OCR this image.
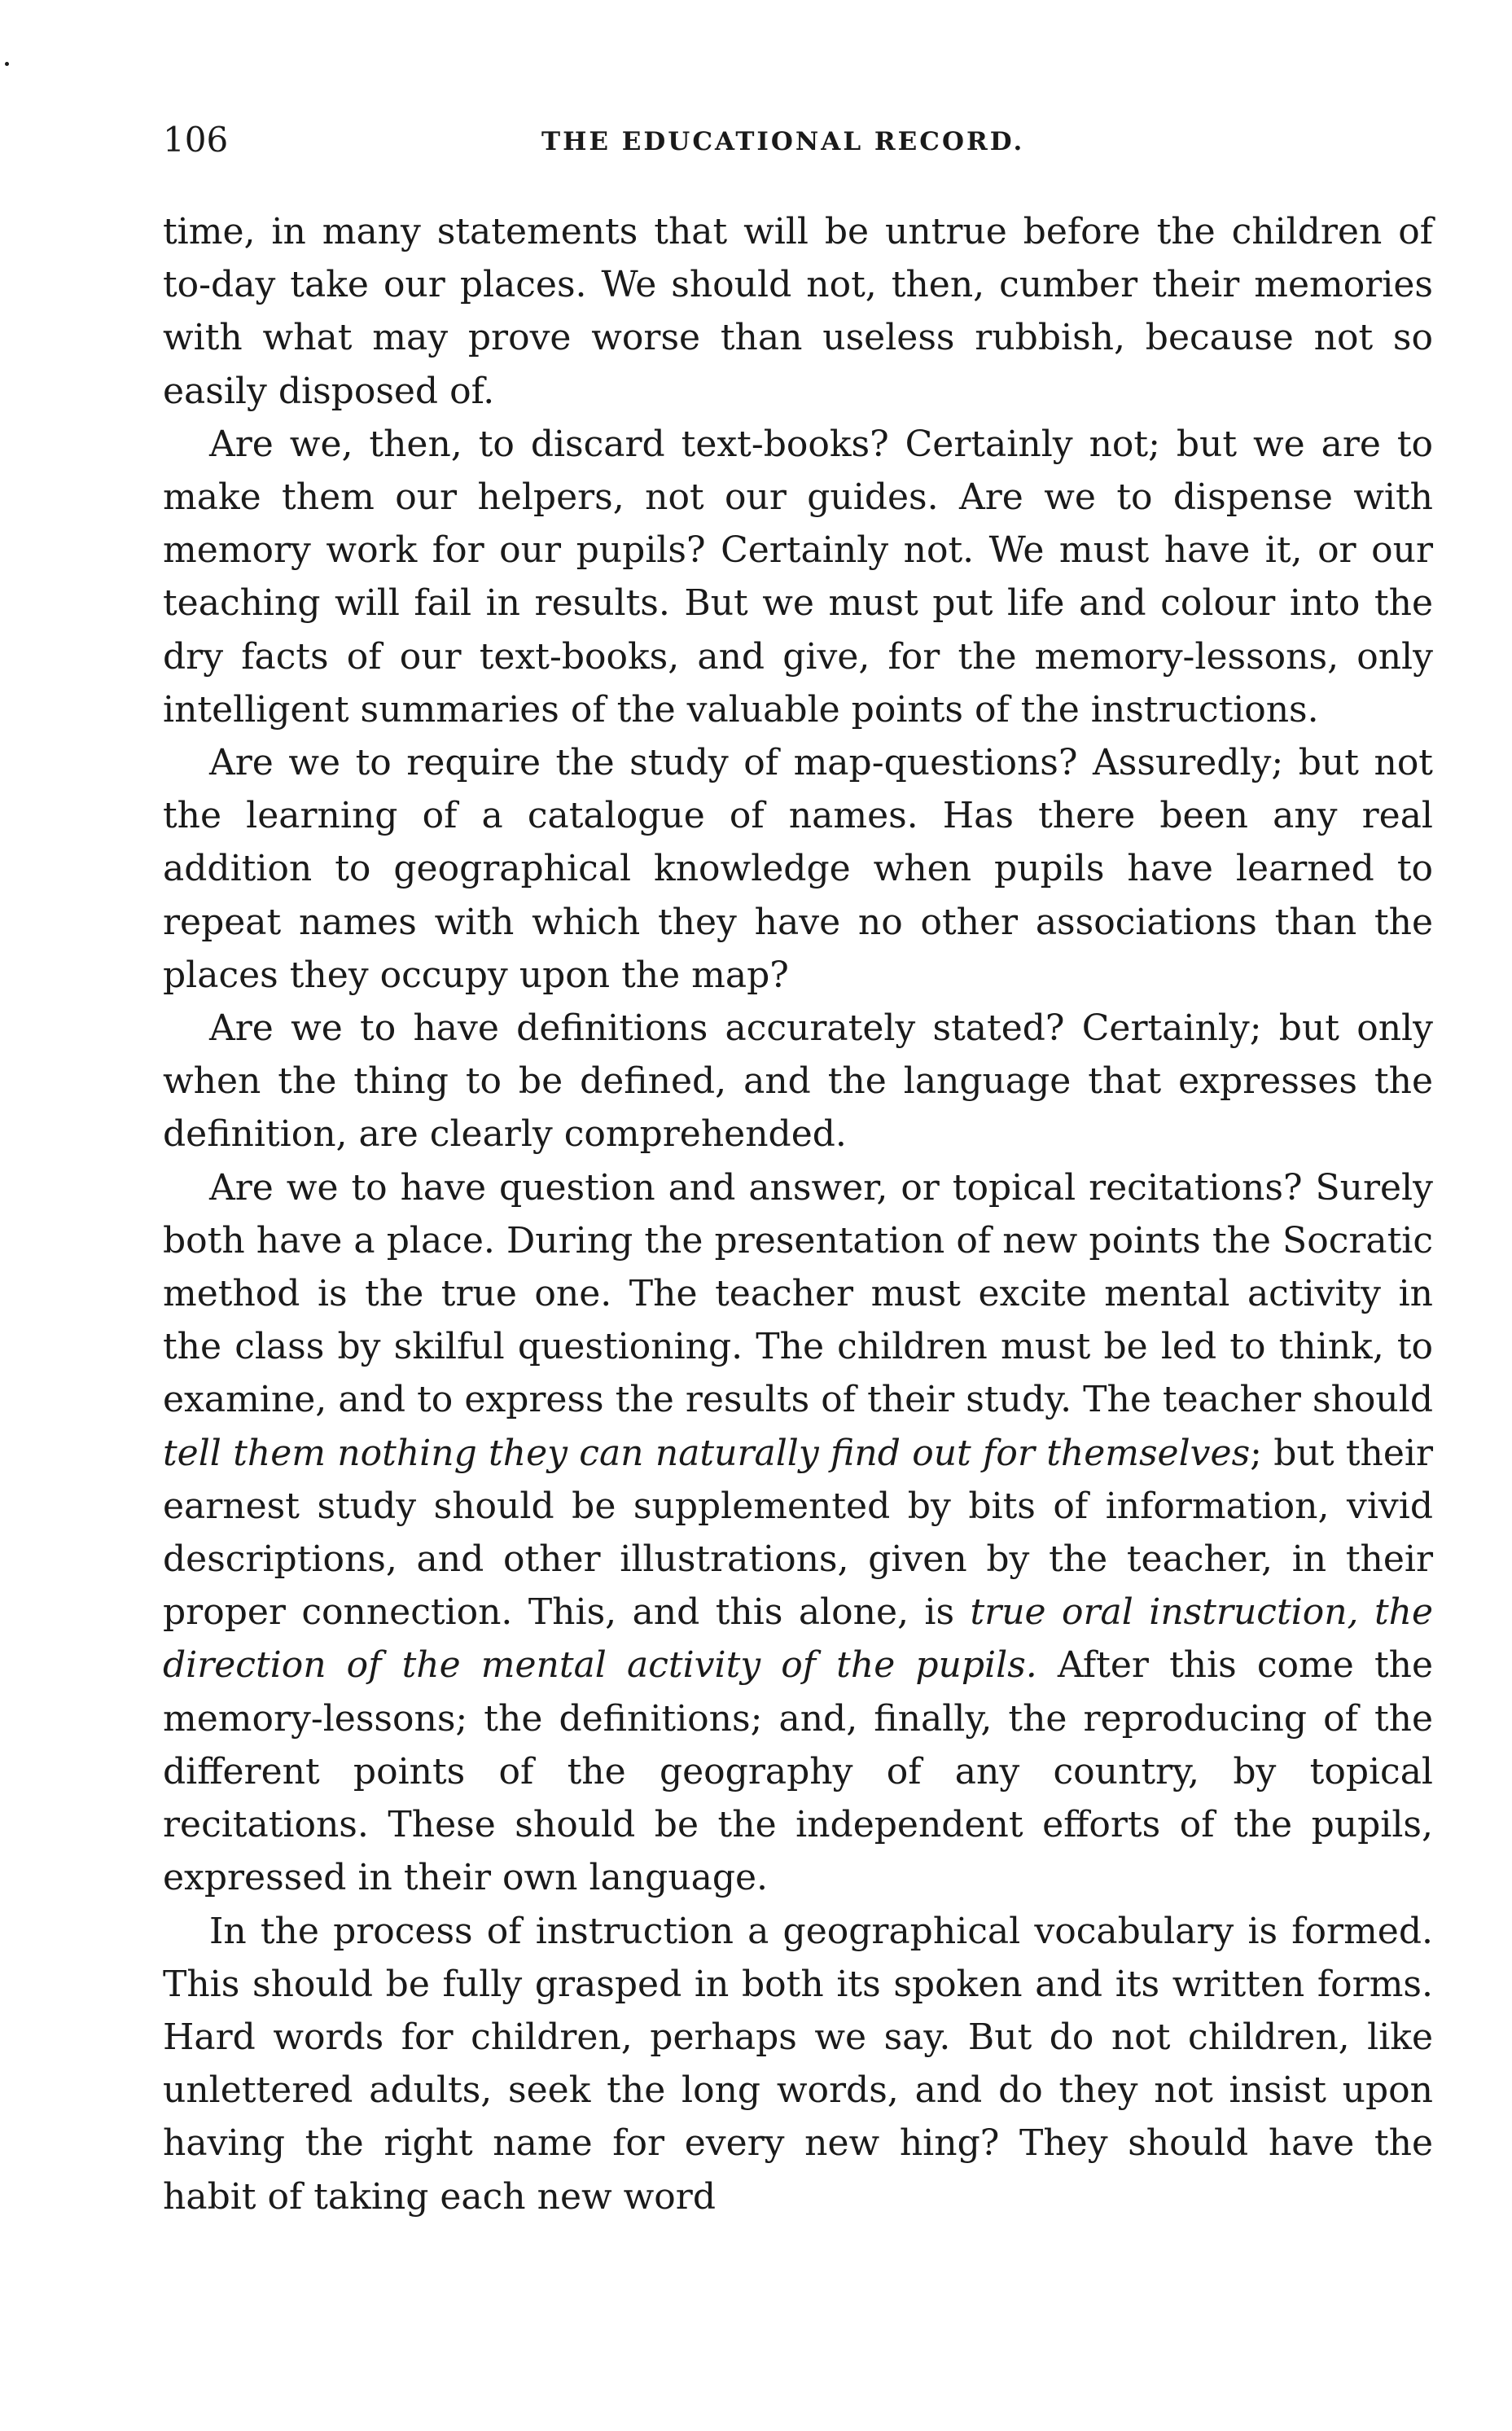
106	THE EDUCATIONAL RECORD.

time, in many statements that will be untrue before the children of to-day take our places. We should not, then, cumber their memories with what may prove worse than useless rubbish, because not so easily disposed of.

Are we, then, to discard text-books? Certainly not; but we are to make them our helpers, not our guides. Are we to dispense with memory work for our pupils? Certainly not. We must have it, or our teaching will fail in results. But we must put life and colour into the dry facts of our text-books, and give, for the memory-lessons, only intelligent summaries of the valuable points of the instructions.

Are we to require the study of map-questions? Assuredly; but not the learning of a catalogue of names. Has there been any real addition to geographical knowledge when pupils have learned to repeat names with which they have no other associations than the places they occupy upon the map?

Are we to have definitions accurately stated? Certainly; but only when the thing to be defined, and the language that expresses the definition, are clearly comprehended.

Are we to have question and answer, or topical recitations? Surely both have a place. During the presentation of new points the Socratic method is the true one. The teacher must excite mental activity in the class by skilful questioning. The children must be led to think, to examine, and to express the results of their study. The teacher should tell them nothing they can naturally find out for themselves; but their earnest study should be supplemented by bits of information, vivid descriptions, and other illustrations, given by the teacher, in their proper connection. This, and this alone, is true oral instruction, the direction of the mental activity of the pupils. After this come the memory-lessons; the definitions; and, finally, the reproducing of the different points of the geography of any country, by topical recitations. These should be the independent efforts of the pupils, expressed in their own language.

In the process of instruction a geographical vocabulary is formed. This should be fully grasped in both its spoken and its written forms. Hard words for children, perhaps we say. But do not children, like unlettered adults, seek the long words, and do they not insist upon having the right name for every new hing? They should have the habit of taking each new word
